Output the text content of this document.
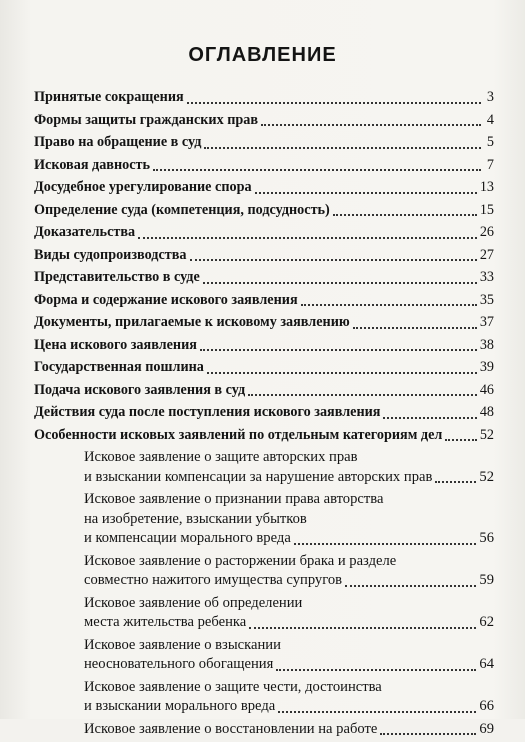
ОГЛАВЛЕНИЕ
Принятые сокращения	3
Формы защиты гражданских прав	4
Право на обращение в суд	5
Исковая давность	7
Досудебное урегулирование спора	13
Определение суда (компетенция, подсудность)	15
Доказательства	26
Виды судопроизводства	27
Представительство в суде	33
Форма и содержание искового заявления	35
Документы, прилагаемые к исковому заявлению	37
Цена искового заявления	38
Государственная пошлина	39
Подача искового заявления в суд	46
Действия суда после поступления искового заявления	48
Особенности исковых заявлений по отдельным категориям дел	52
Исковое заявление о защите авторских прав
и взыскании компенсации за нарушение авторских прав	52
Исковое заявление о признании права авторства
на изобретение, взыскании убытков
и компенсации морального вреда	56
Исковое заявление о расторжении брака и разделе
совместно нажитого имущества супругов	59
Исковое заявление об определении
места жительства ребенка	62
Исковое заявление о взыскании
неосновательного обогащения	64
Исковое заявление о защите чести, достоинства
и взыскании морального вреда	66
Исковое заявление о восстановлении на работе	69
